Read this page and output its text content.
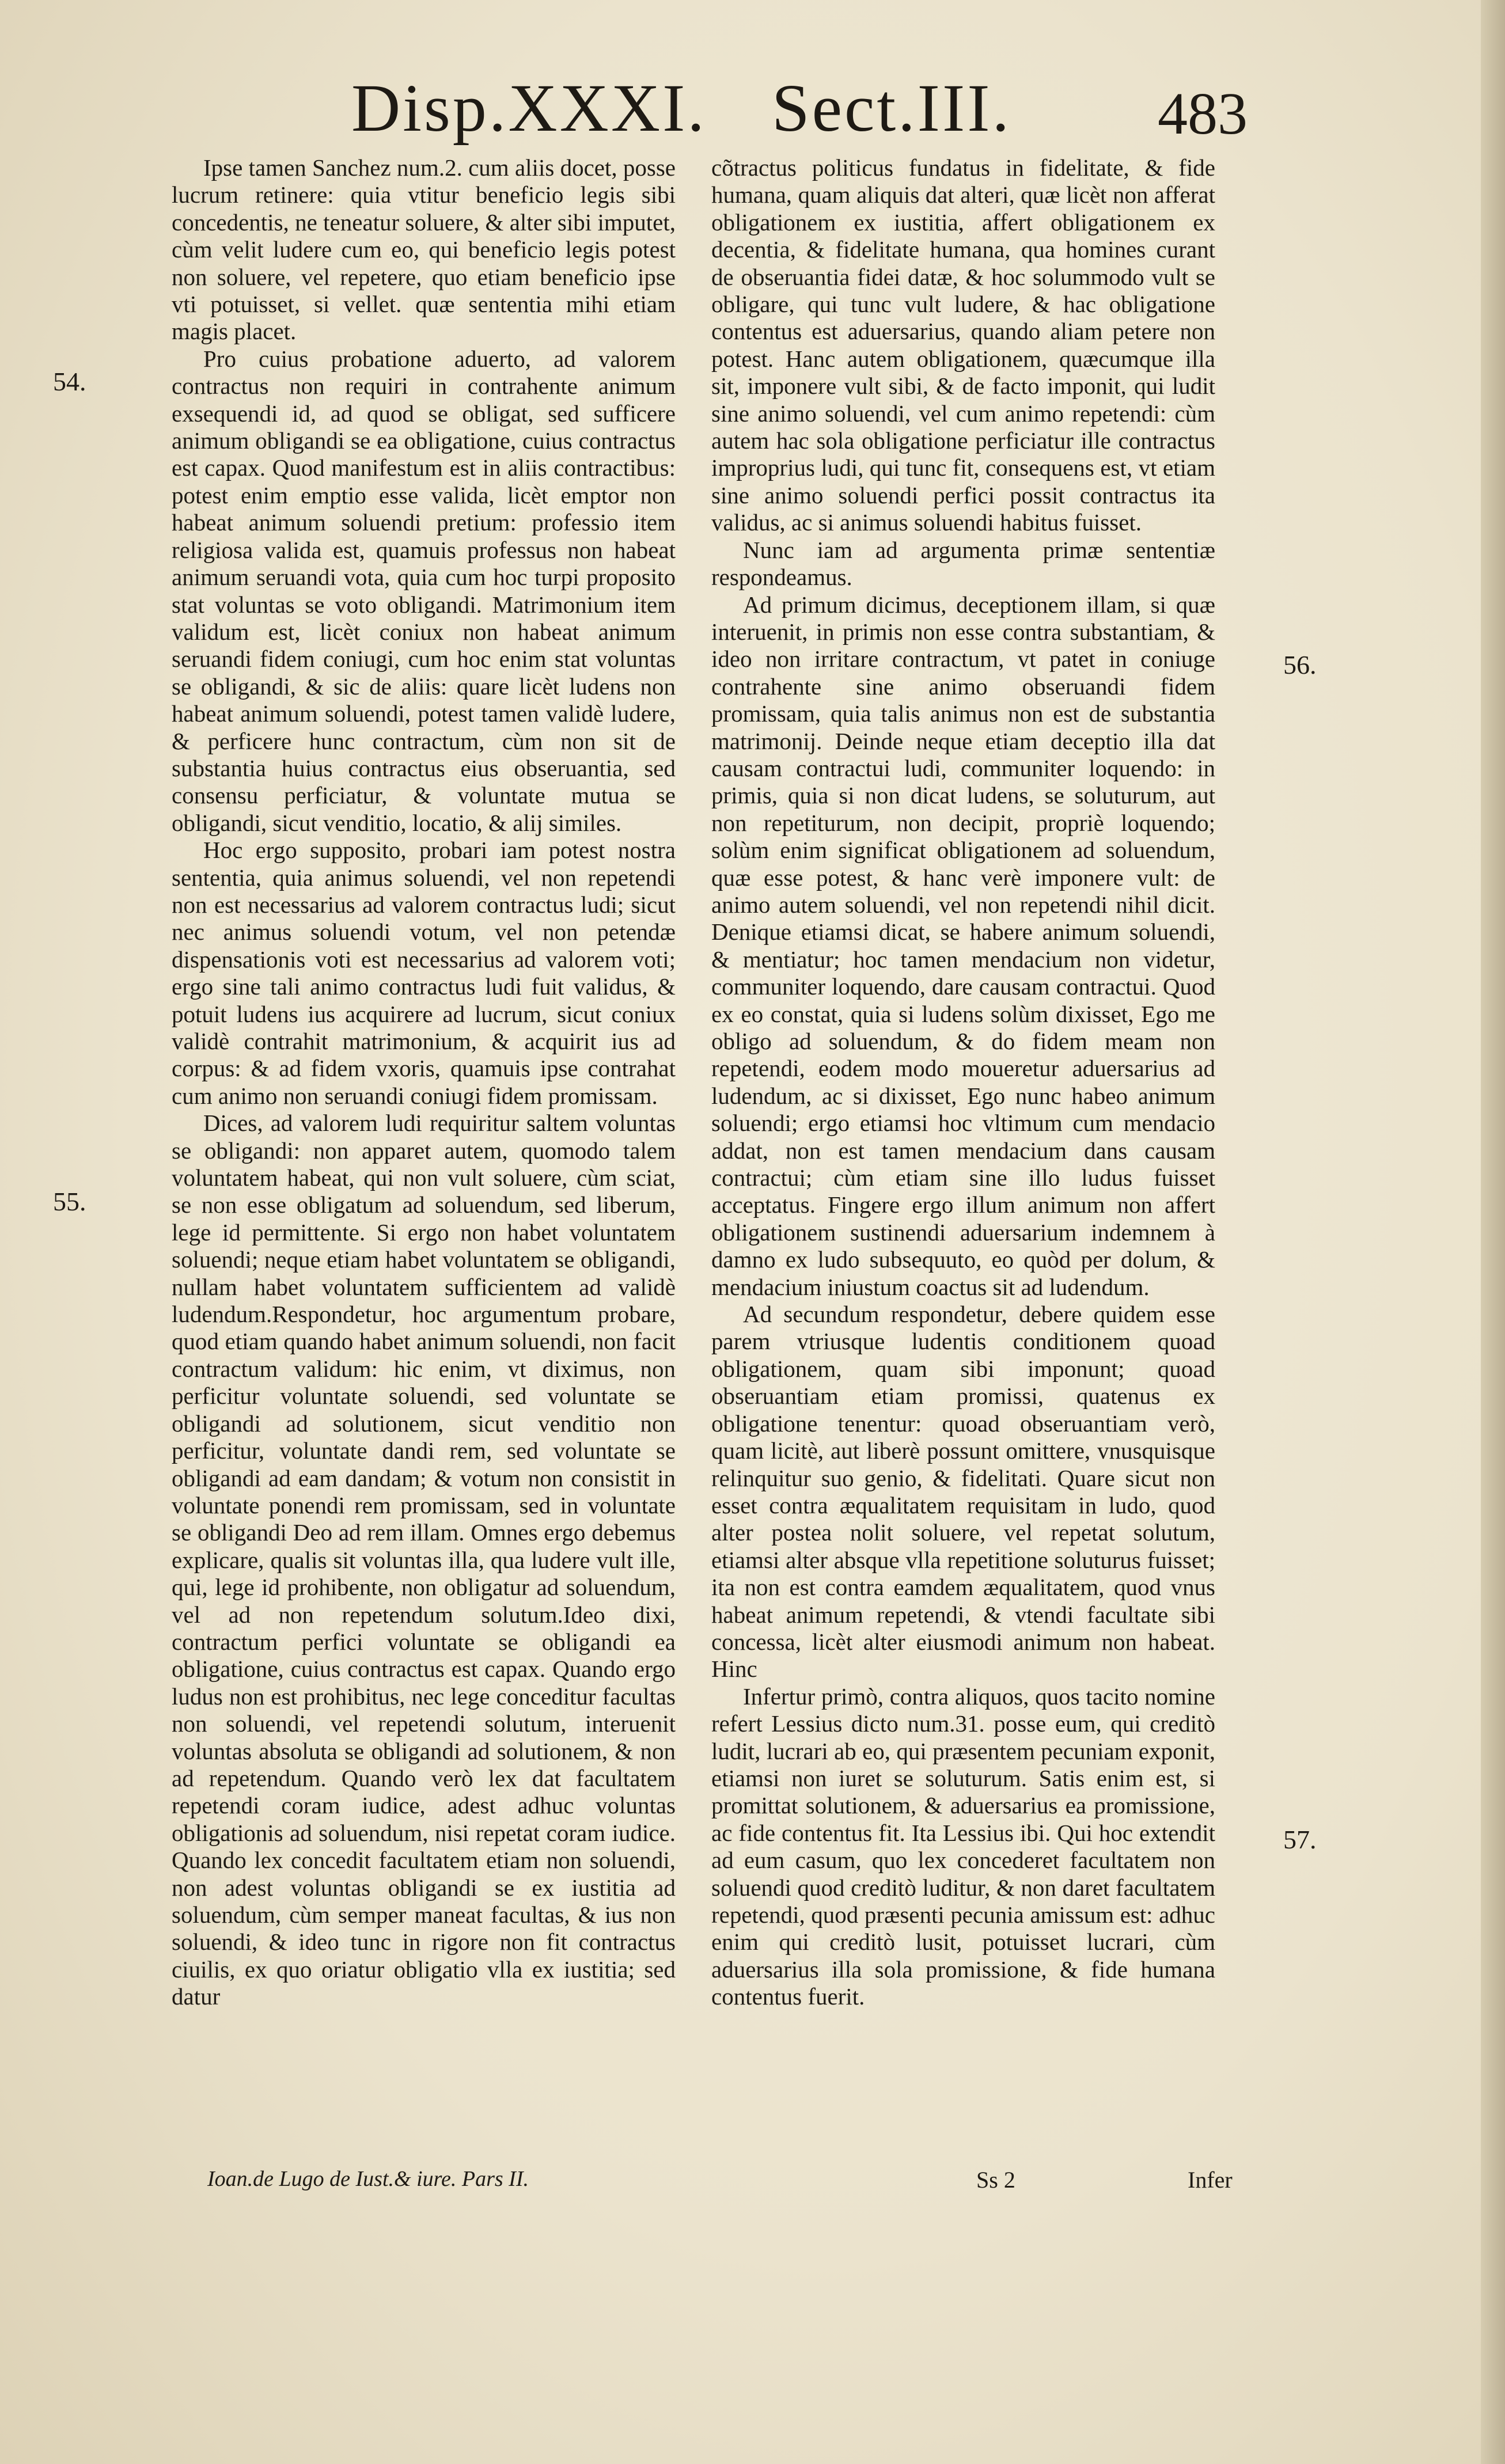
Disp.XXXI. Sect.III. 483
54.
55.
56.
57.

Ipse tamen Sanchez num.2. cum aliis docet, posse lucrum retinere: quia vtitur beneficio legis sibi concedentis, ne teneatur soluere, & alter sibi imputet, cùm velit ludere cum eo, qui beneficio legis potest non soluere, vel repetere, quo etiam beneficio ipse vti potuisset, si vellet. quæ sententia mihi etiam magis placet.

Pro cuius probatione aduerto, ad valorem contractus non requiri in contrahente animum exsequendi id, ad quod se obligat, sed sufficere animum obligandi se ea obligatione, cuius contractus est capax. Quod manifestum est in aliis contractibus: potest enim emptio esse valida, licèt emptor non habeat animum soluendi pretium: professio item religiosa valida est, quamuis professus non habeat animum seruandi vota, quia cum hoc turpi proposito stat voluntas se voto obligandi. Matrimonium item validum est, licèt coniux non habeat animum seruandi fidem coniugi, cum hoc enim stat voluntas se obligandi, & sic de aliis: quare licèt ludens non habeat animum soluendi, potest tamen validè ludere, & perficere hunc contractum, cùm non sit de substantia huius contractus eius obseruantia, sed consensu perficiatur, & voluntate mutua se obligandi, sicut venditio, locatio, & alij similes.

Hoc ergo supposito, probari iam potest nostra sententia, quia animus soluendi, vel non repetendi non est necessarius ad valorem contractus ludi; sicut nec animus soluendi votum, vel non petendæ dispensationis voti est necessarius ad valorem voti; ergo sine tali animo contractus ludi fuit validus, & potuit ludens ius acquirere ad lucrum, sicut coniux validè contrahit matrimonium, & acquirit ius ad corpus: & ad fidem vxoris, quamuis ipse contrahat cum animo non seruandi coniugi fidem promissam.

Dices, ad valorem ludi requiritur saltem voluntas se obligandi: non apparet autem, quomodo talem voluntatem habeat, qui non vult soluere, cùm sciat, se non esse obligatum ad soluendum, sed liberum, lege id permittente. Si ergo non habet voluntatem soluendi; neque etiam habet voluntatem se obligandi, nullam habet voluntatem sufficientem ad validè ludendum.Respondetur, hoc argumentum probare, quod etiam quando habet animum soluendi, non facit contractum validum: hic enim, vt diximus, non perficitur voluntate soluendi, sed voluntate se obligandi ad solutionem, sicut venditio non perficitur, voluntate dandi rem, sed voluntate se obligandi ad eam dandam; & votum non consistit in voluntate ponendi rem promissam, sed in voluntate se obligandi Deo ad rem illam. Omnes ergo debemus explicare, qualis sit voluntas illa, qua ludere vult ille, qui, lege id prohibente, non obligatur ad soluendum, vel ad non repetendum solutum.Ideo dixi, contractum perfici voluntate se obligandi ea obligatione, cuius contractus est capax. Quando ergo ludus non est prohibitus, nec lege conceditur facultas non soluendi, vel repetendi solutum, interuenit voluntas absoluta se obligandi ad solutionem, & non ad repetendum. Quando verò lex dat facultatem repetendi coram iudice, adest adhuc voluntas obligationis ad soluendum, nisi repetat coram iudice. Quando lex concedit facultatem etiam non soluendi, non adest voluntas obligandi se ex iustitia ad soluendum, cùm semper maneat facultas, & ius non soluendi, & ideo tunc in rigore non fit contractus ciuilis, ex quo oriatur obligatio vlla ex iustitia; sed datur

cõtractus politicus fundatus in fidelitate, & fide humana, quam aliquis dat alteri, quæ licèt non afferat obligationem ex iustitia, affert obligationem ex decentia, & fidelitate humana, qua homines curant de obseruantia fidei datæ, & hoc solummodo vult se obligare, qui tunc vult ludere, & hac obligatione contentus est aduersarius, quando aliam petere non potest. Hanc autem obligationem, quæcumque illa sit, imponere vult sibi, & de facto imponit, qui ludit sine animo soluendi, vel cum animo repetendi: cùm autem hac sola obligatione perficiatur ille contractus improprius ludi, qui tunc fit, consequens est, vt etiam sine animo soluendi perfici possit contractus ita validus, ac si animus soluendi habitus fuisset.

Nunc iam ad argumenta primæ sententiæ respondeamus.

Ad primum dicimus, deceptionem illam, si quæ interuenit, in primis non esse contra substantiam, & ideo non irritare contractum, vt patet in coniuge contrahente sine animo obseruandi fidem promissam, quia talis animus non est de substantia matrimonij. Deinde neque etiam deceptio illa dat causam contractui ludi, communiter loquendo: in primis, quia si non dicat ludens, se soluturum, aut non repetiturum, non decipit, propriè loquendo; solùm enim significat obligationem ad soluendum, quæ esse potest, & hanc verè imponere vult: de animo autem soluendi, vel non repetendi nihil dicit. Denique etiamsi dicat, se habere animum soluendi, & mentiatur; hoc tamen mendacium non videtur, communiter loquendo, dare causam contractui. Quod ex eo constat, quia si ludens solùm dixisset, Ego me obligo ad soluendum, & do fidem meam non repetendi, eodem modo moueretur aduersarius ad ludendum, ac si dixisset, Ego nunc habeo animum soluendi; ergo etiamsi hoc vltimum cum mendacio addat, non est tamen mendacium dans causam contractui; cùm etiam sine illo ludus fuisset acceptatus. Fingere ergo illum animum non affert obligationem sustinendi aduersarium indemnem à damno ex ludo subsequuto, eo quòd per dolum, & mendacium iniustum coactus sit ad ludendum.

Ad secundum respondetur, debere quidem esse parem vtriusque ludentis conditionem quoad obligationem, quam sibi imponunt; quoad obseruantiam etiam promissi, quatenus ex obligatione tenentur: quoad obseruantiam verò, quam licitè, aut liberè possunt omittere, vnusquisque relinquitur suo genio, & fidelitati. Quare sicut non esset contra æqualitatem requisitam in ludo, quod alter postea nolit soluere, vel repetat solutum, etiamsi alter absque vlla repetitione soluturus fuisset; ita non est contra eamdem æqualitatem, quod vnus habeat animum repetendi, & vtendi facultate sibi concessa, licèt alter eiusmodi animum non habeat. Hinc

Infertur primò, contra aliquos, quos tacito nomine refert Lessius dicto num.31. posse eum, qui creditò ludit, lucrari ab eo, qui præsentem pecuniam exponit, etiamsi non iuret se soluturum. Satis enim est, si promittat solutionem, & aduersarius ea promissione, ac fide contentus fit. Ita Lessius ibi. Qui hoc extendit ad eum casum, quo lex concederet facultatem non soluendi quod creditò luditur, & non daret facultatem repetendi, quod præsenti pecunia amissum est: adhuc enim qui creditò lusit, potuisset lucrari, cùm aduersarius illa sola promissione, & fide humana contentus fuerit.

Ioan.de Lugo de Iust.& iure. Pars II.	Ss 2	Infer
